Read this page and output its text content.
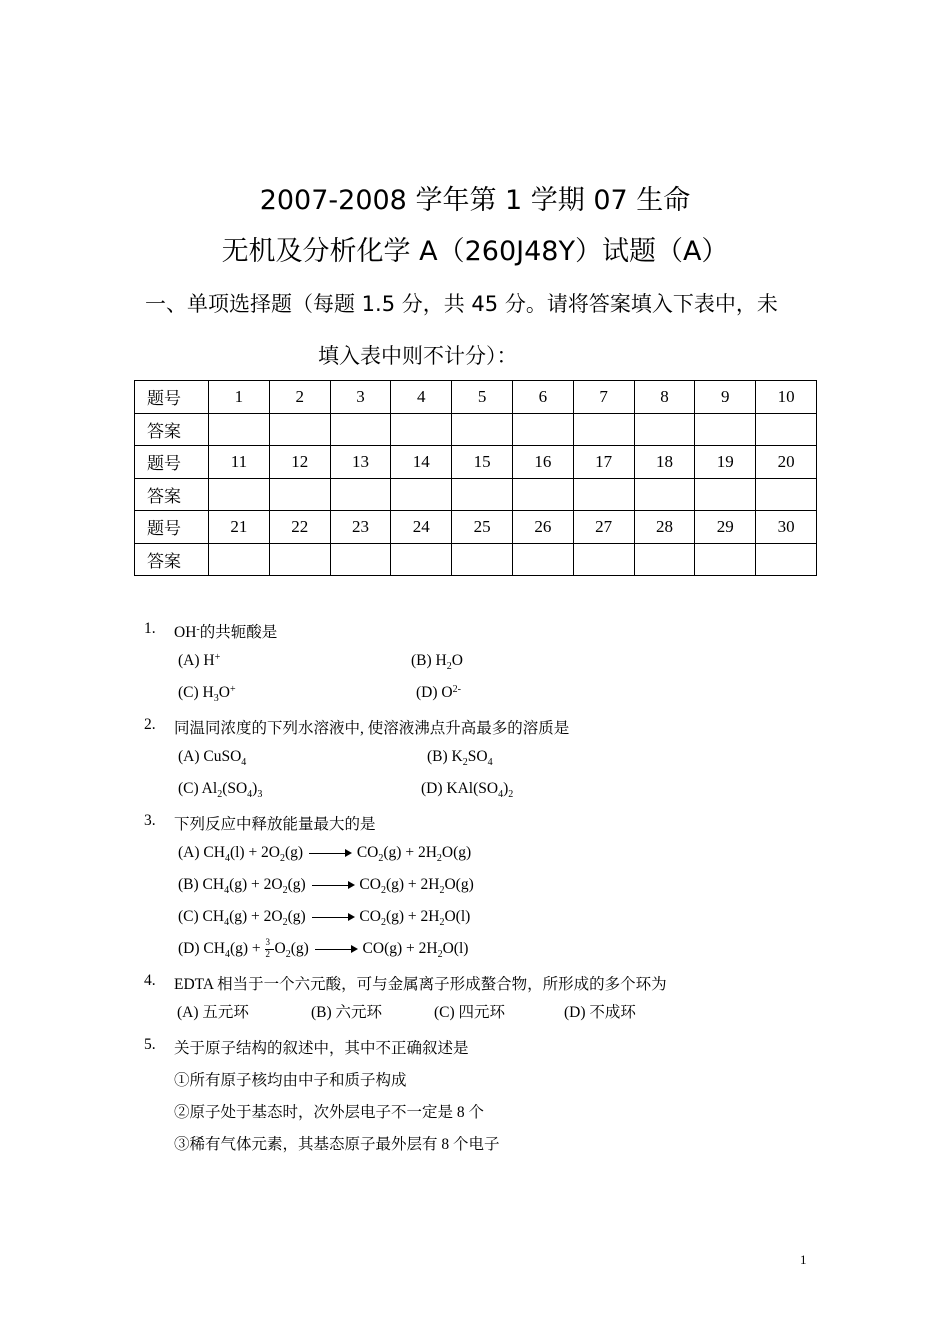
2007-2008 学年第 1 学期 07 生命
无机及分析化学 A（260J48Y）试题（A）
一、单项选择题（每题 1.5 分，共 45 分。请将答案填入下表中，未
填入表中则不计分）：
题号	1	2	3	4	5	6	7	8	9	10
答案										
题号	11	12	13	14	15	16	17	18	19	20
答案										
题号	21	22	23	24	25	26	27	28	29	30
答案										
1. OH-的共轭酸是
(A) H+	(B) $H_2O$
(C) $H_3O^+$	(D) $O^{2-}$
2. 同温同浓度的下列水溶液中, 使溶液沸点升高最多的溶质是
(A) CuSO$_4$	(B) $K_2SO_4$
(C) $Al_2(SO_4)_3$	(D) $KAl(SO_4)_2$
3. 下列反应中释放能量最大的是
(A) $CH_4(l) + 2O_2(g)$	$CO_2(g) + 2H_2O(g)$
(B) $CH_4(g) + 2O_2(g)$	$CO_2(g) + 2H_2O(g)$
(C) $CH_4(g) + 2O_2(g)$	$CO_2(g) + 2H_2O(l)$
(D) $CH_4(g) + \frac{3}{2} O_2(g)$	$CO(g) + 2H_2O(l)$
4. EDTA 相当于一个六元酸，可与金属离子形成螯合物，所形成的多个环为
(A) 五元环	(B) 六元环	(C) 四元环	(D) 不成环
5. 关于原子结构的叙述中，其中不正确叙述是
①所有原子核均由中子和质子构成
②原子处于基态时，次外层电子不一定是 8 个
③稀有气体元素，其基态原子最外层有 8 个电子
1
